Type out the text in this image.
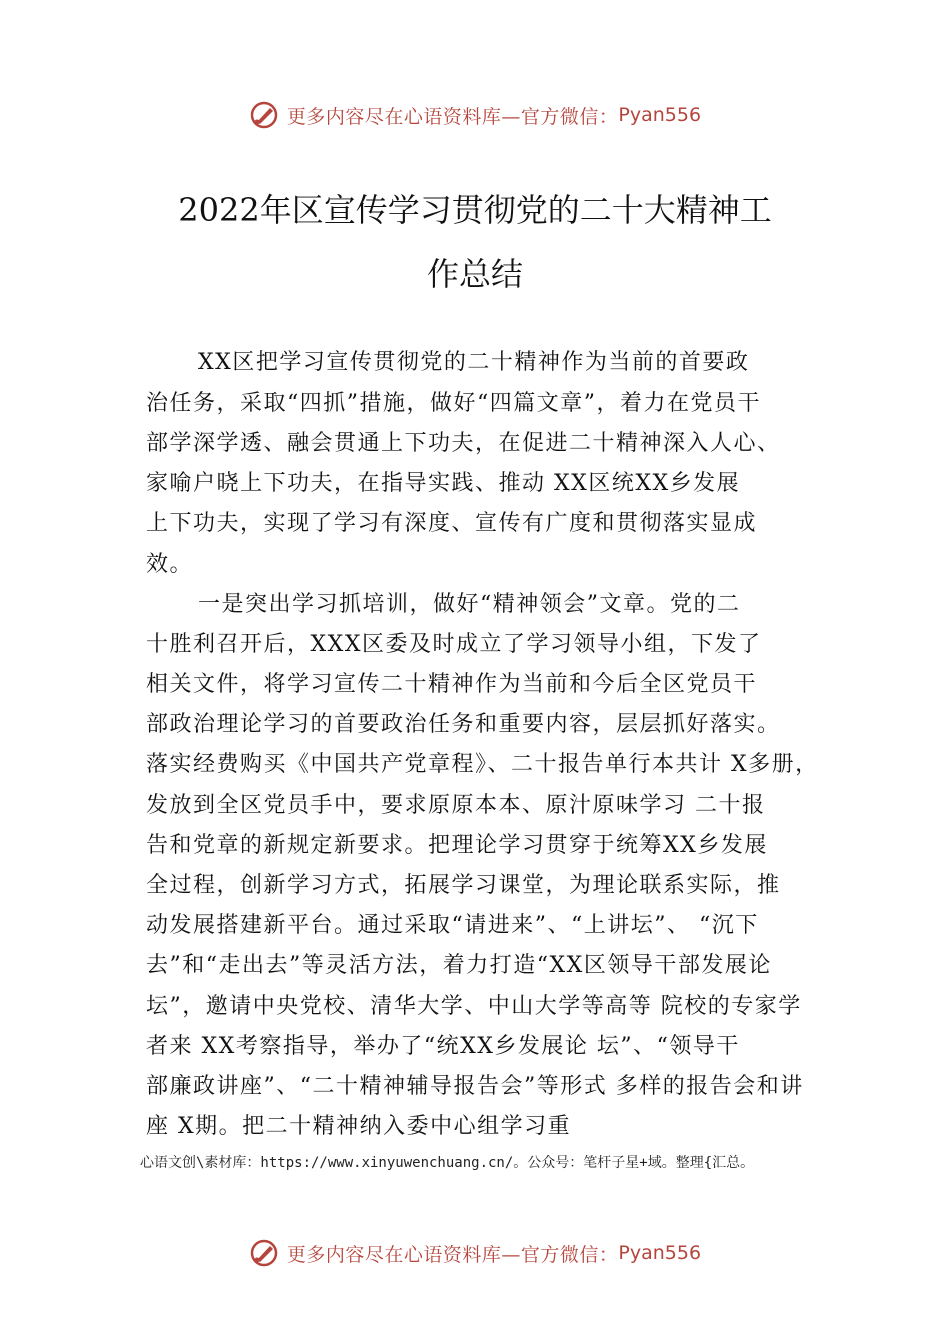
更多内容尽在心语资料库—官方微信： Pyan556
2022年区宣传学习贯彻党的二十大精神工
作总结
XX区把学习宣传贯彻党的二十精神作为当前的首要政
治任务，采取“四抓”措施，做好“四篇文章”，着力在党员干
部学深学透、融会贯通上下功夫，在促进二十精神深入人心、
家喻户晓上下功夫，在指导实践、推动 XX区统XX乡发展
上下功夫，实现了学习有深度、宣传有广度和贯彻落实显成
效。
一是突出学习抓培训，做好“精神领会”文章。党的二
十胜利召开后，XXX区委及时成立了学习领导小组，下发了
相关文件，将学习宣传二十精神作为当前和今后全区党员干
部政治理论学习的首要政治任务和重要内容，层层抓好落实。
落实经费购买《中国共产党章程》、二十报告单行本共计 X多册，
发放到全区党员手中，要求原原本本、原汁原味学习 二十报
告和党章的新规定新要求。把理论学习贯穿于统筹XX乡发展
全过程，创新学习方式，拓展学习课堂，为理论联系实际，推
动发展搭建新平台。通过采取“请进来”、“上讲坛”、 “沉下
去”和“走出去”等灵活方法，着力打造“XX区领导干部发展论
坛”，邀请中央党校、清华大学、中山大学等高等 院校的专家学
者来 XX考察指导，举办了“统XX乡发展论 坛”、“领导干
部廉政讲座”、“二十精神辅导报告会”等形式 多样的报告会和讲
座 X期。把二十精神纳入委中心组学习重
心语文创\素材库：https://www.xinyuwenchuang.cn/。公众号：笔杆子星+域。整理{汇总。
更多内容尽在心语资料库—官方微信： Pyan556
